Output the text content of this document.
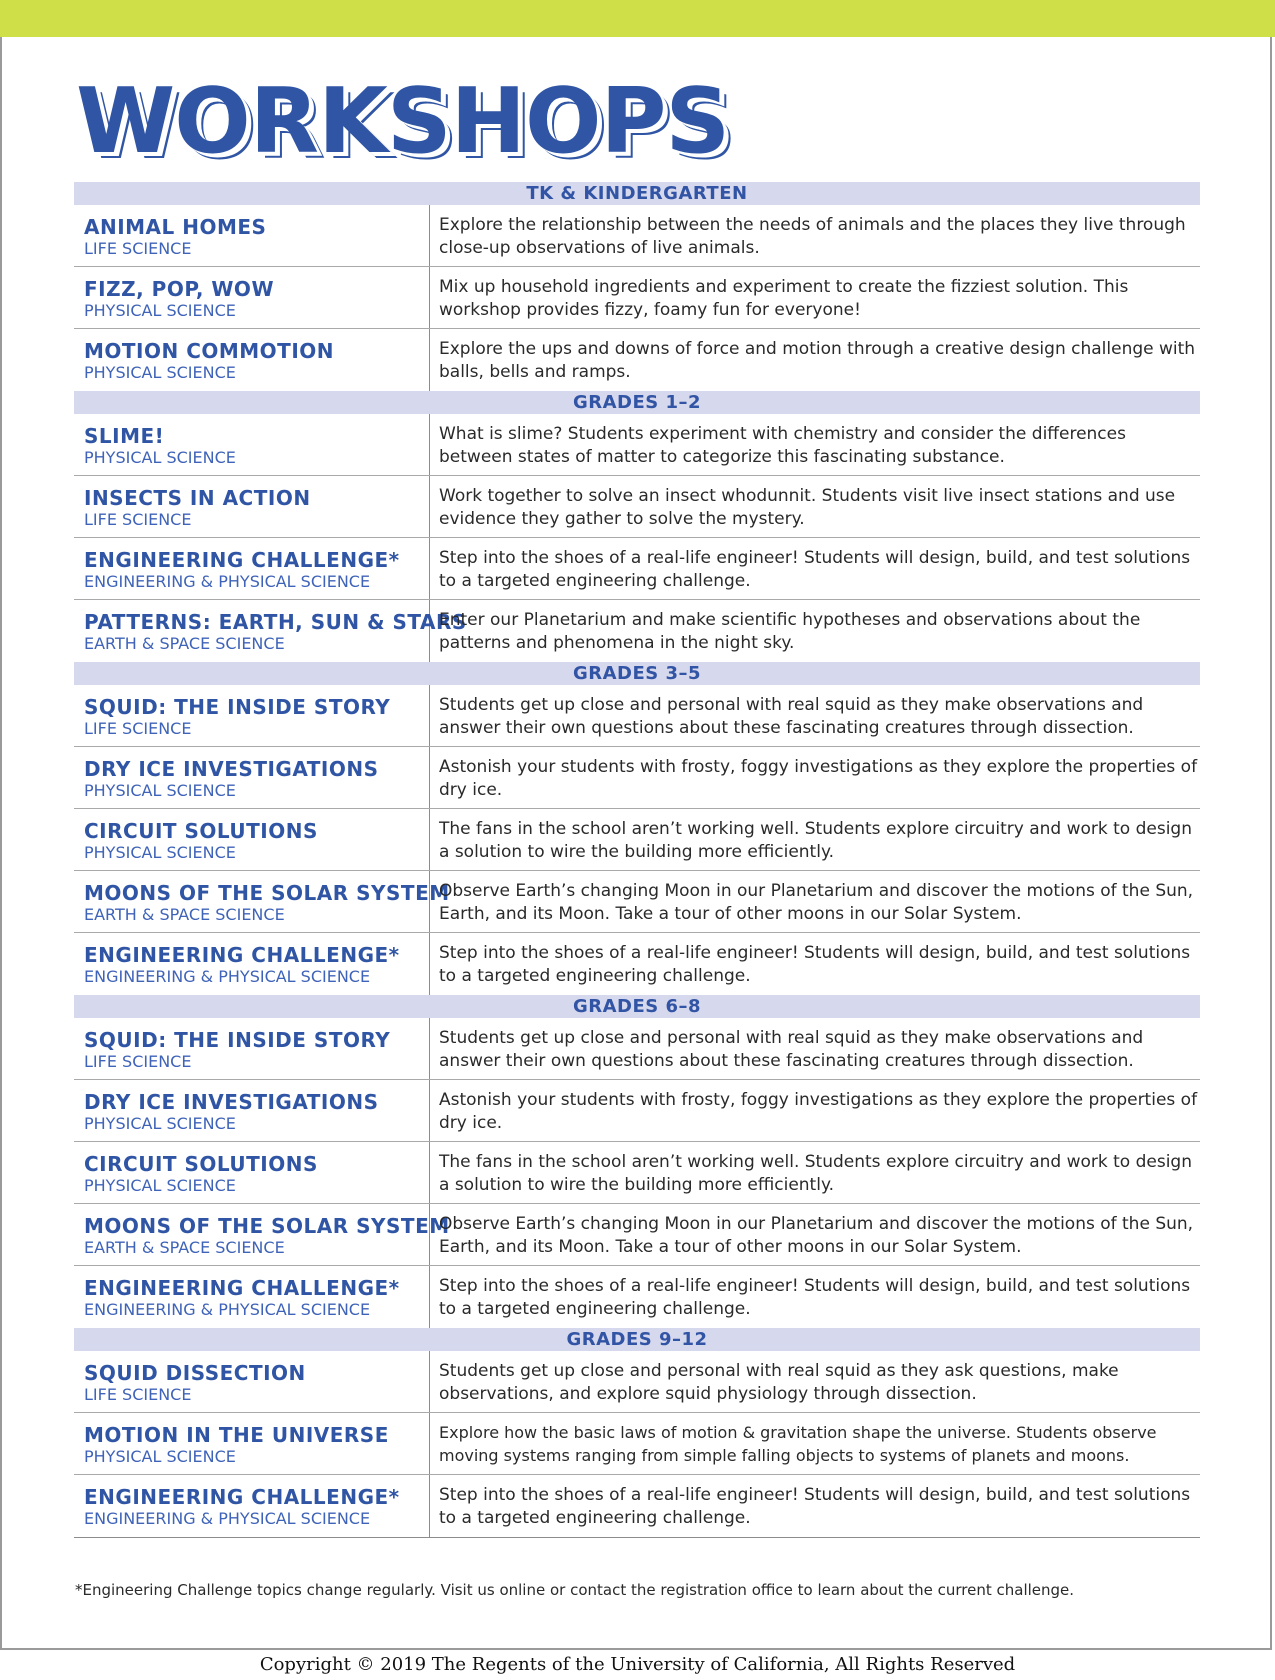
WORKSHOPS
TK & KINDERGARTEN
ANIMAL HOMES
LIFE SCIENCE
Explore the relationship between the needs of animals and the places they live through close-up observations of live animals.
FIZZ, POP, WOW
PHYSICAL SCIENCE
Mix up household ingredients and experiment to create the fizziest solution. This workshop provides fizzy, foamy fun for everyone!
MOTION COMMOTION
PHYSICAL SCIENCE
Explore the ups and downs of force and motion through a creative design challenge with balls, bells and ramps.
GRADES 1–2
SLIME!
PHYSICAL SCIENCE
What is slime? Students experiment with chemistry and consider the differences between states of matter to categorize this fascinating substance.
INSECTS IN ACTION
LIFE SCIENCE
Work together to solve an insect whodunnit. Students visit live insect stations and use evidence they gather to solve the mystery.
ENGINEERING CHALLENGE*
ENGINEERING & PHYSICAL SCIENCE
Step into the shoes of a real-life engineer! Students will design, build, and test solutions to a targeted engineering challenge.
PATTERNS: EARTH, SUN & STARS
EARTH & SPACE SCIENCE
Enter our Planetarium and make scientific hypotheses and observations about the patterns and phenomena in the night sky.
GRADES 3–5
SQUID: THE INSIDE STORY
LIFE SCIENCE
Students get up close and personal with real squid as they make observations and answer their own questions about these fascinating creatures through dissection.
DRY ICE INVESTIGATIONS
PHYSICAL SCIENCE
Astonish your students with frosty, foggy investigations as they explore the properties of dry ice.
CIRCUIT SOLUTIONS
PHYSICAL SCIENCE
The fans in the school aren’t working well. Students explore circuitry and work to design a solution to wire the building more efficiently.
MOONS OF THE SOLAR SYSTEM
EARTH & SPACE SCIENCE
Observe Earth’s changing Moon in our Planetarium and discover the motions of the Sun, Earth, and its Moon. Take a tour of other moons in our Solar System.
ENGINEERING CHALLENGE*
ENGINEERING & PHYSICAL SCIENCE
Step into the shoes of a real-life engineer! Students will design, build, and test solutions to a targeted engineering challenge.
GRADES 6–8
SQUID: THE INSIDE STORY
LIFE SCIENCE
Students get up close and personal with real squid as they make observations and answer their own questions about these fascinating creatures through dissection.
DRY ICE INVESTIGATIONS
PHYSICAL SCIENCE
Astonish your students with frosty, foggy investigations as they explore the properties of dry ice.
CIRCUIT SOLUTIONS
PHYSICAL SCIENCE
The fans in the school aren’t working well. Students explore circuitry and work to design a solution to wire the building more efficiently.
MOONS OF THE SOLAR SYSTEM
EARTH & SPACE SCIENCE
Observe Earth’s changing Moon in our Planetarium and discover the motions of the Sun, Earth, and its Moon. Take a tour of other moons in our Solar System.
ENGINEERING CHALLENGE*
ENGINEERING & PHYSICAL SCIENCE
Step into the shoes of a real-life engineer! Students will design, build, and test solutions to a targeted engineering challenge.
GRADES 9–12
SQUID DISSECTION
LIFE SCIENCE
Students get up close and personal with real squid as they ask questions, make observations, and explore squid physiology through dissection.
MOTION IN THE UNIVERSE
PHYSICAL SCIENCE
Explore how the basic laws of motion & gravitation shape the universe. Students observe moving systems ranging from simple falling objects to systems of planets and moons.
ENGINEERING CHALLENGE*
ENGINEERING & PHYSICAL SCIENCE
Step into the shoes of a real-life engineer! Students will design, build, and test solutions to a targeted engineering challenge.
*Engineering Challenge topics change regularly. Visit us online or contact the registration office to learn about the current challenge.
Copyright © 2019 The Regents of the University of California, All Rights Reserved
